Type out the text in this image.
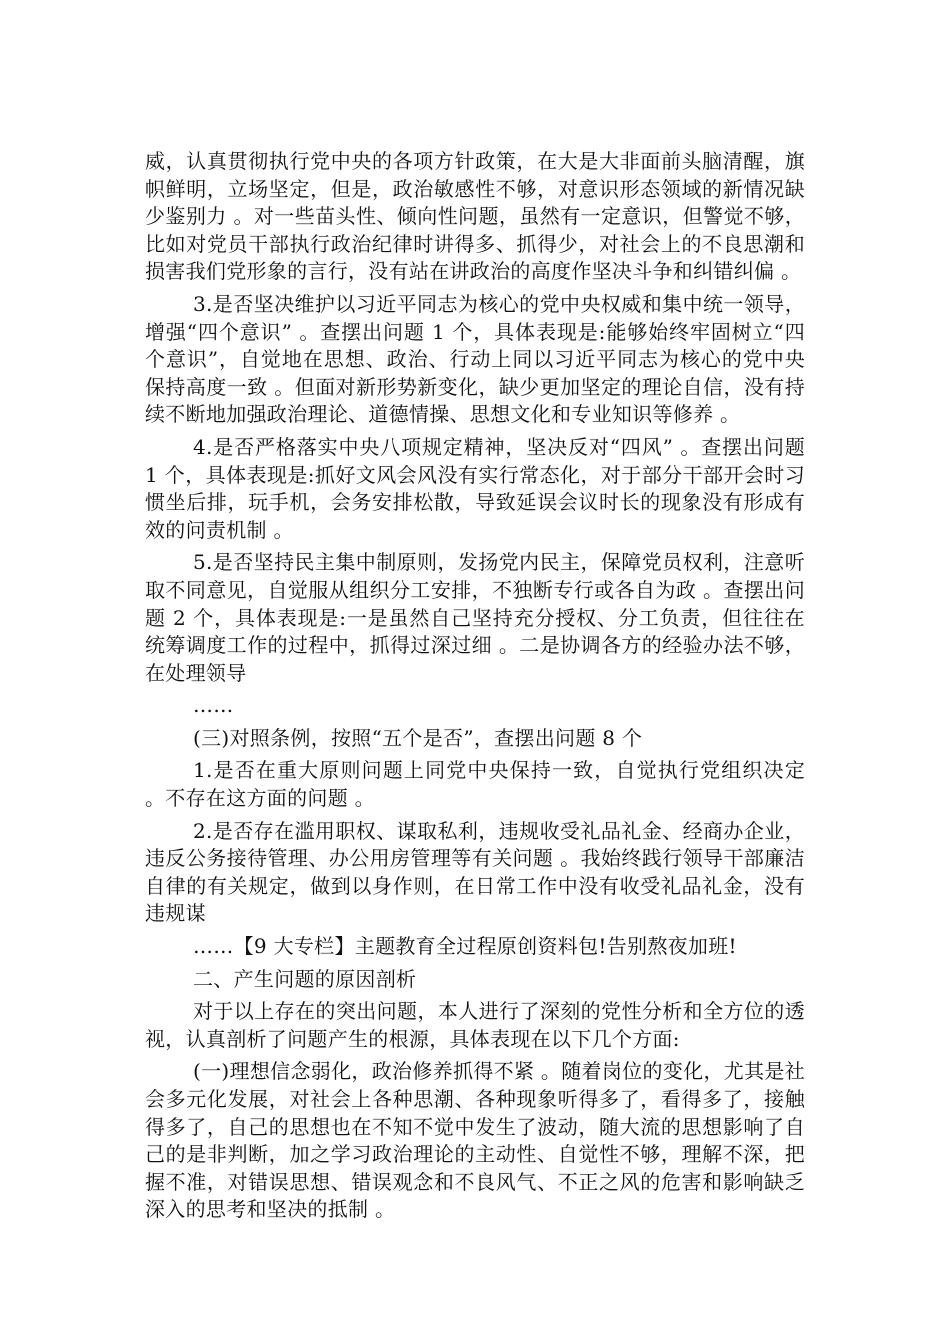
威，认真贯彻执行党中央的各项方针政策，在大是大非面前头脑清醒，旗帜鲜明，立场坚定，但是，政治敏感性不够，对意识形态领域的新情况缺少鉴别力 。对一些苗头性、倾向性问题，虽然有一定意识，但警觉不够，比如对党员干部执行政治纪律时讲得多、抓得少，对社会上的不良思潮和损害我们党形象的言行，没有站在讲政治的高度作坚决斗争和纠错纠偏 。

3.是否坚决维护以习近平同志为核心的党中央权威和集中统一领导，增强“四个意识” 。查摆出问题 1 个，具体表现是:能够始终牢固树立“四个意识”，自觉地在思想、政治、行动上同以习近平同志为核心的党中央保持高度一致 。但面对新形势新变化，缺少更加坚定的理论自信，没有持续不断地加强政治理论、道德情操、思想文化和专业知识等修养 。

4.是否严格落实中央八项规定精神，坚决反对“四风” 。查摆出问题 1 个，具体表现是:抓好文风会风没有实行常态化，对于部分干部开会时习惯坐后排，玩手机，会务安排松散，导致延误会议时长的现象没有形成有效的问责机制 。

5.是否坚持民主集中制原则，发扬党内民主，保障党员权利，注意听取不同意见，自觉服从组织分工安排，不独断专行或各自为政 。查摆出问题 2 个，具体表现是:一是虽然自己坚持充分授权、分工负责，但往往在统筹调度工作的过程中，抓得过深过细 。二是协调各方的经验办法不够，在处理领导

……

(三)对照条例，按照“五个是否”，查摆出问题 8 个

1.是否在重大原则问题上同党中央保持一致，自觉执行党组织决定 。不存在这方面的问题 。

2.是否存在滥用职权、谋取私利，违规收受礼品礼金、经商办企业，违反公务接待管理、办公用房管理等有关问题 。我始终践行领导干部廉洁自律的有关规定，做到以身作则，在日常工作中没有收受礼品礼金，没有违规谋

……【9 大专栏】主题教育全过程原创资料包!告别熬夜加班!

二、产生问题的原因剖析

对于以上存在的突出问题，本人进行了深刻的党性分析和全方位的透视，认真剖析了问题产生的根源，具体表现在以下几个方面:

(一)理想信念弱化，政治修养抓得不紧 。随着岗位的变化，尤其是社会多元化发展，对社会上各种思潮、各种现象听得多了，看得多了，接触得多了，自己的思想也在不知不觉中发生了波动，随大流的思想影响了自己的是非判断，加之学习政治理论的主动性、自觉性不够，理解不深，把握不准，对错误思想、错误观念和不良风气、不正之风的危害和影响缺乏深入的思考和坚决的抵制 。
